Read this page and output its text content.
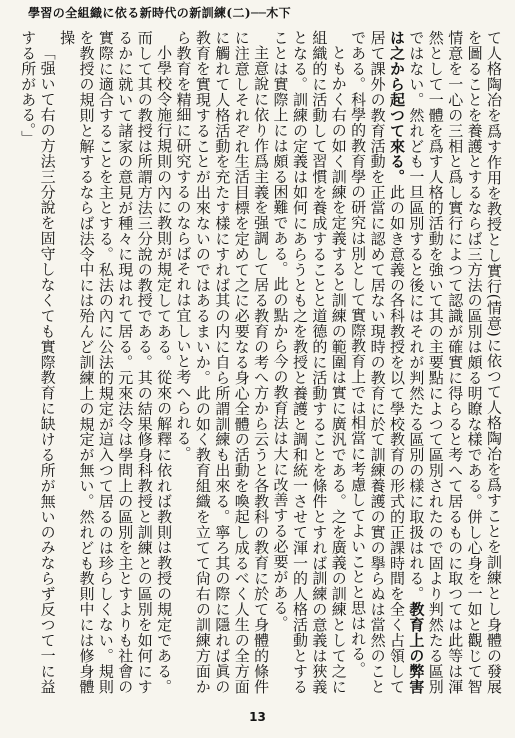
學習の全組織に依る新時代の新訓練(二)──木下

て人格陶冶を爲す作用を教授とし實行(情意)に依つて人格陶冶を爲すことを訓練とし身體の發展を圖ることを養護とするならば三方法の區別は頗る明瞭な樣である。併し心身を一如と觀じて智情意を一心の三相と爲し實行によつて認識が確實に得らると考へて居るものに取つては此等は渾然として一體を爲す人格的活動を強いて其の主要點によつて區別されたので固より判然たる區別ではない。然れども一旦區別すると後にはそれが判然たる區別の樣に取扱はれる。教育上の弊害は之から起つて來る。此の如き意義の各科教授を以て學校教育の形式的正課時間を全く占領して居て課外の教育活動を正當に認めて居ない現時の教育に於て訓練養護の實の擧らぬは當然のことである。科學的教育學の研究は別として實際教育上では相當に考慮してよいことと思はれる。

ともかく右の如く訓練を定義すると訓練の範圍は實に廣汎である。之を廣義の訓練として之に組織的に活動して習慣を養成することと道德的に活動することを條件とすれば訓練の意義は狹義となる。訓練の定義は如何にあらうとも之を教授と養護と調和統一させて渾一的人格活動とすることは實際上には頗る困難である。此の點から今の教育法は大に改善する必要がある。

主意說に依り作爲主義を强調して居る教育の考へ方から云うと各教科の教育に於て身體的條件に注意しそれぞれ生活目標を定めて之に必要なる身心全體の活動を喚起し成るべく人生の全方面に觸れて人格活動を充たす樣にすれば其の内に自ら所謂訓練も出來る。寧ろ其の際に隱れば眞の教育を實現することが出來ないのではあるまいか。此の如く教育組織を立てて尙右の訓練方面から教育を精細に研究するのならばそれは宜しいと考へられる。

小學校令施行規則の內に教則が規定してある。從來の解釋に依れば教則は教授の規定である。而して其の教授は所謂方法三分說の教授である。其の結果修身科教授と訓練との區別を如何にするかに就いて諸家の意見が種々に現はれて居る。元來法令は學問上の區別を主とすよりも社會の實際に適合することを主とする。私法の內に公法的規定が這入つて居るのは珍らしくない。規則を教授の規則と解するならば法令中には殆んど訓練上の規定が無い。然れども教則中には修身體操

「强いて右の方法三分說を固守しなくても實際教育に缺ける所が無いのみならず反つて一に益する所がある。」

13
